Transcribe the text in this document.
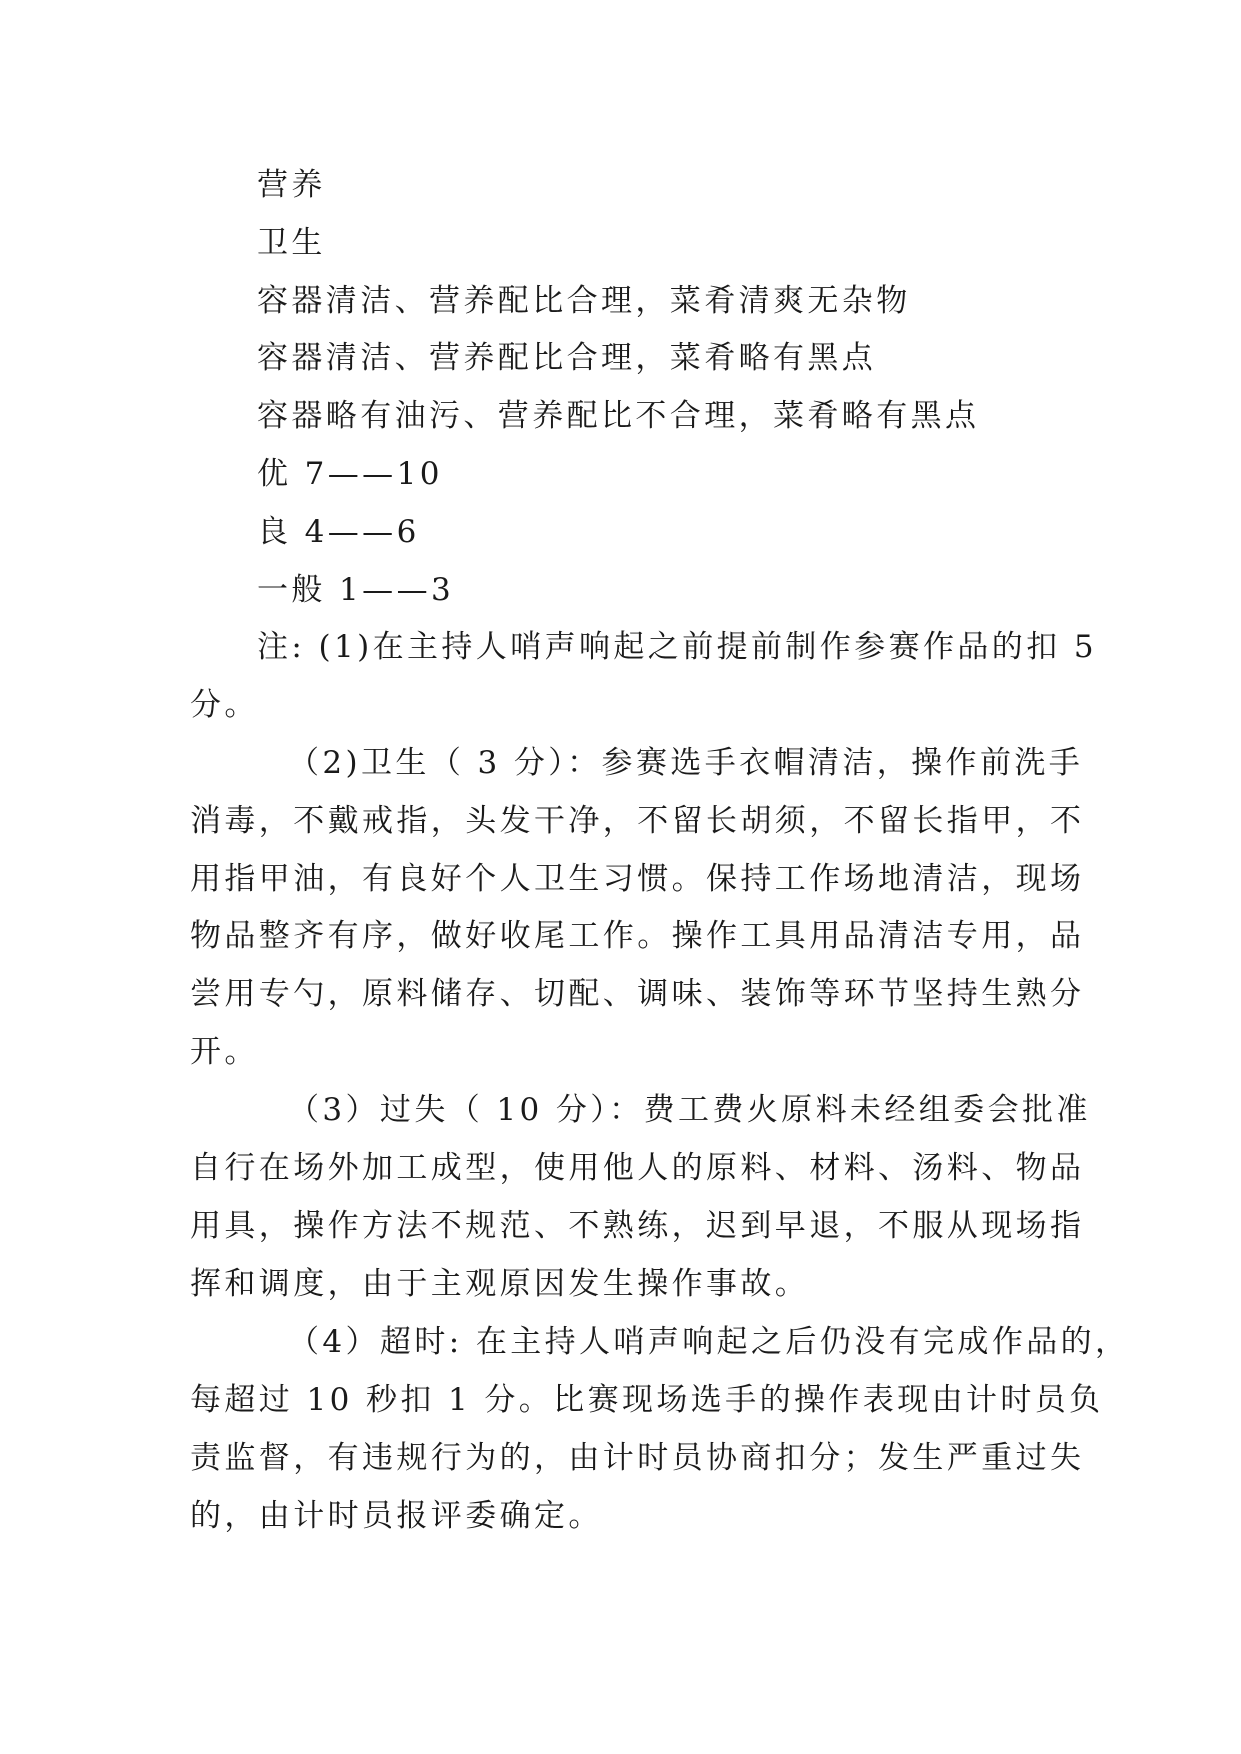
营养
卫生
容器清洁、营养配比合理，菜肴清爽无杂物
容器清洁、营养配比合理，菜肴略有黑点
容器略有油污、营养配比不合理，菜肴略有黑点
优 7——10
良 4——6
一般 1——3
注: (1)在主持人哨声响起之前提前制作参赛作品的扣 5
分。
（2)卫生（ 3 分）：参赛选手衣帽清洁，操作前洗手
消毒，不戴戒指，头发干净，不留长胡须，不留长指甲，不
用指甲油，有良好个人卫生习惯。保持工作场地清洁，现场
物品整齐有序，做好收尾工作。操作工具用品清洁专用，品
尝用专勺，原料储存、切配、调味、装饰等环节坚持生熟分
开。
（3）过失（ 10 分）：费工费火原料未经组委会批准
自行在场外加工成型，使用他人的原料、材料、汤料、物品
用具，操作方法不规范、不熟练，迟到早退，不服从现场指
挥和调度，由于主观原因发生操作事故。
（4）超时: 在主持人哨声响起之后仍没有完成作品的，
每超过 10 秒扣 1 分。比赛现场选手的操作表现由计时员负
责监督，有违规行为的，由计时员协商扣分；发生严重过失
的，由计时员报评委确定。
